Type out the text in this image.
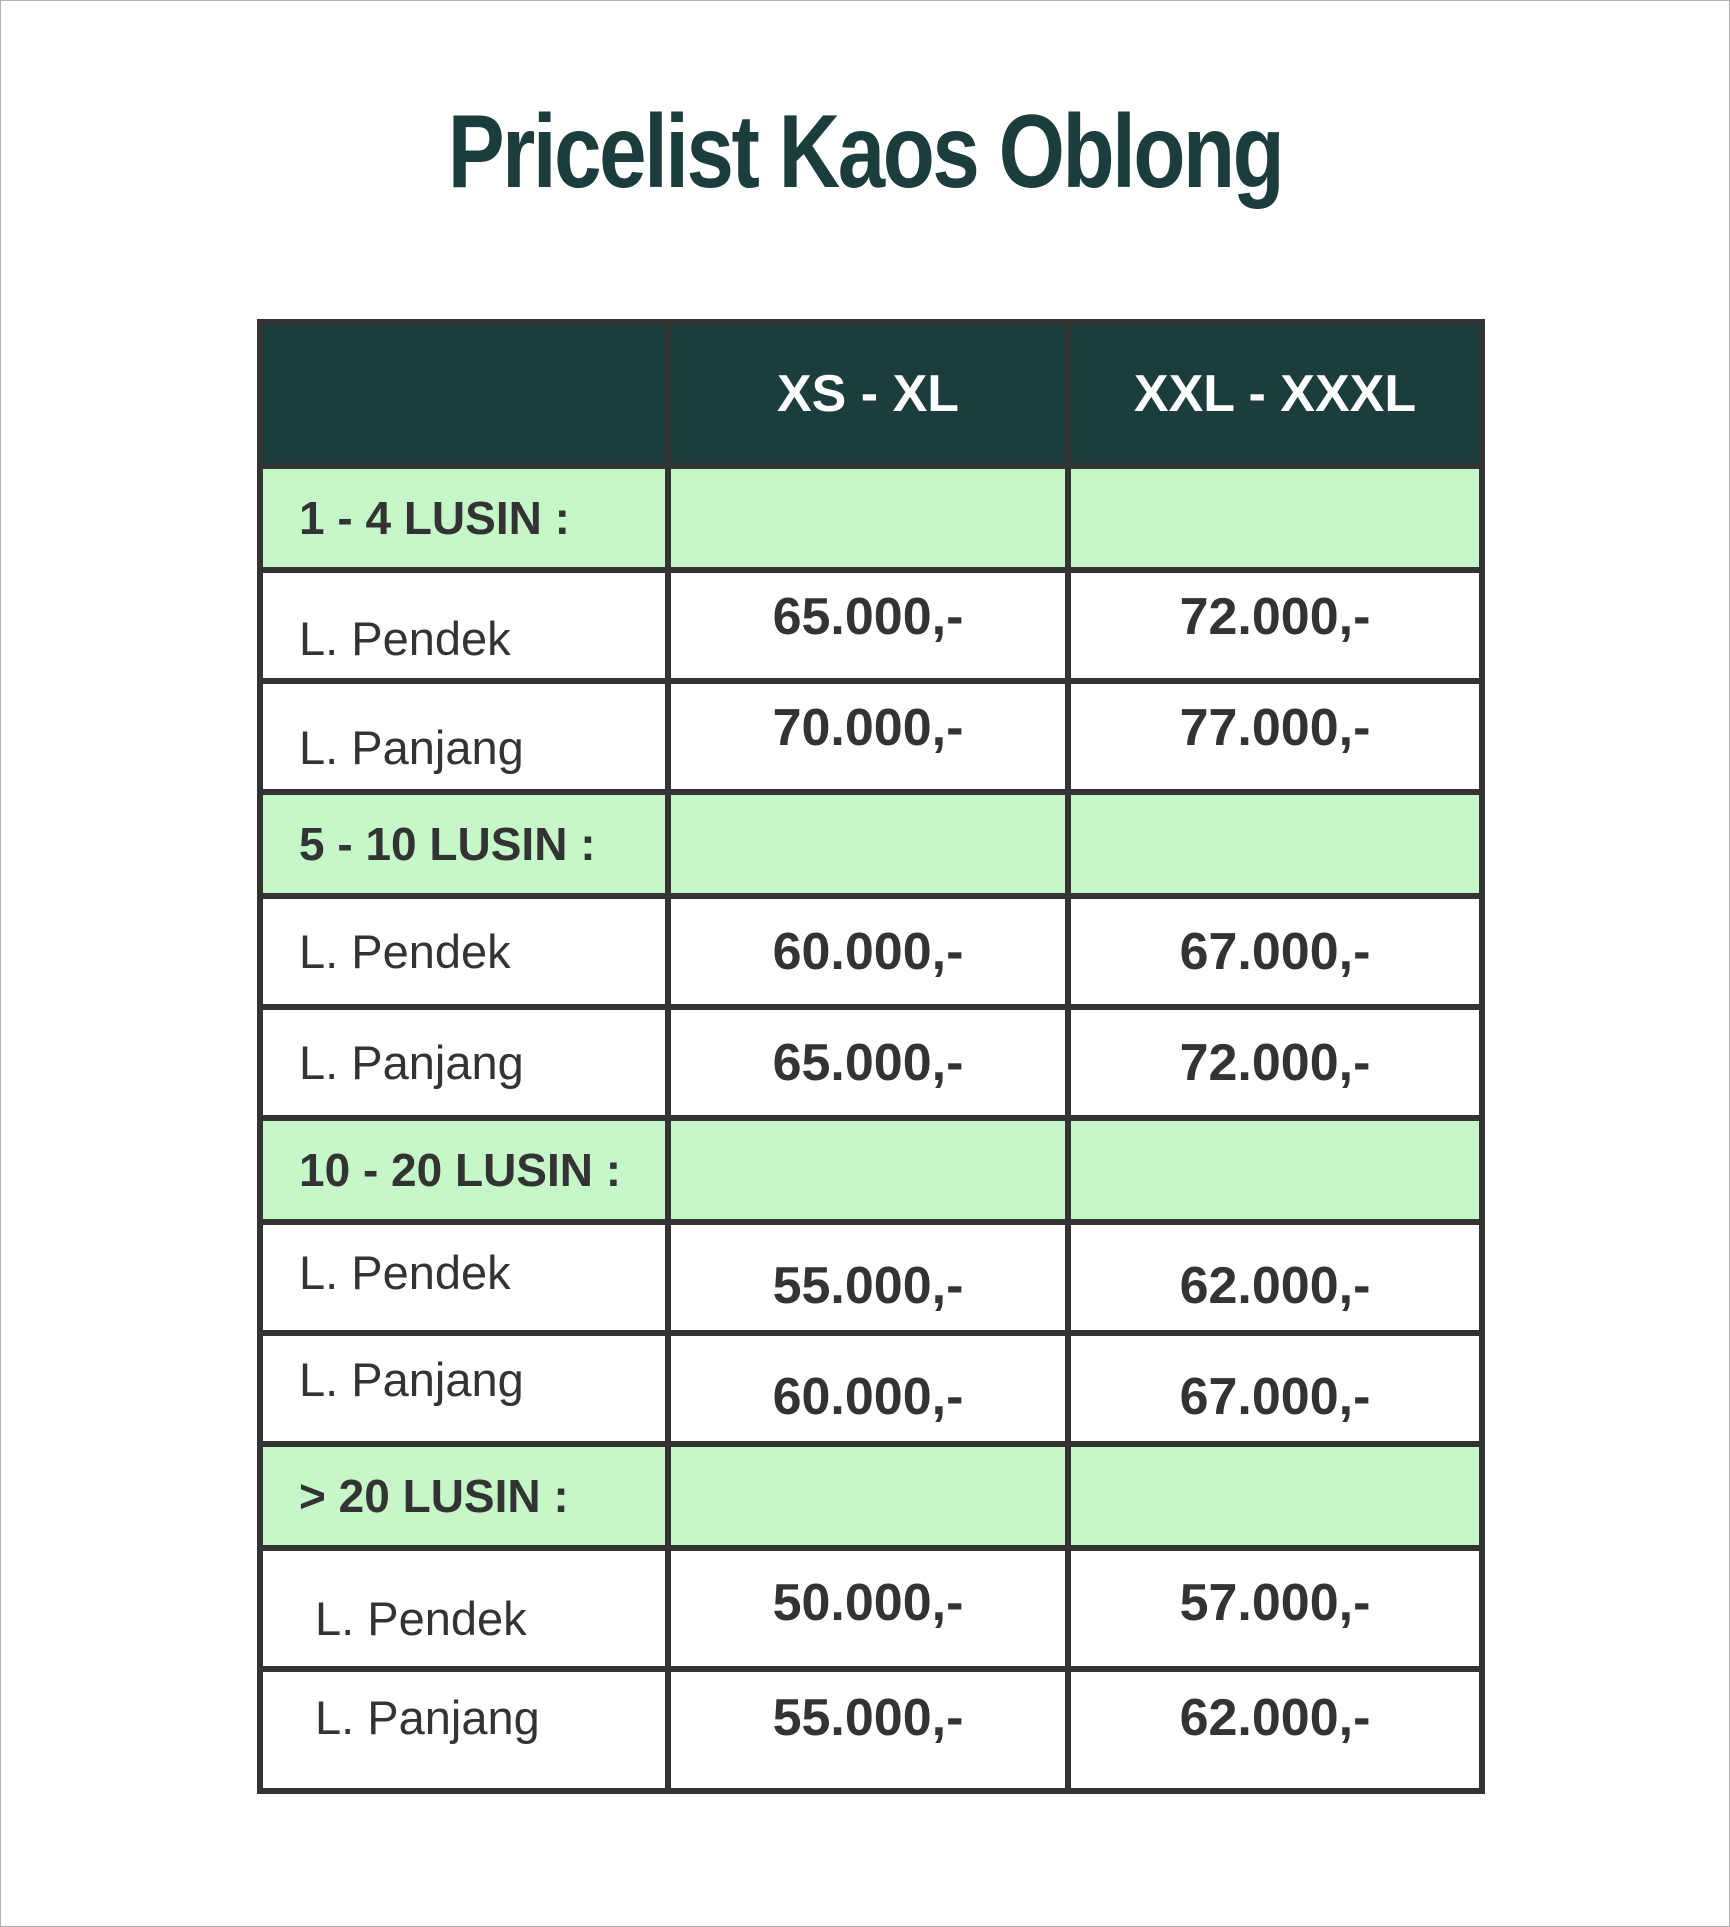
Pricelist Kaos Oblong
	XS - XL	XXL - XXXL
1 - 4 LUSIN :		
L. Pendek	65.000,-	72.000,-
L. Panjang	70.000,-	77.000,-
5 - 10 LUSIN :		
L. Pendek	60.000,-	67.000,-
L. Panjang	65.000,-	72.000,-
10 - 20 LUSIN :		
L. Pendek	55.000,-	62.000,-
L. Panjang	60.000,-	67.000,-
> 20 LUSIN :		
L. Pendek	50.000,-	57.000,-
L. Panjang	55.000,-	62.000,-
